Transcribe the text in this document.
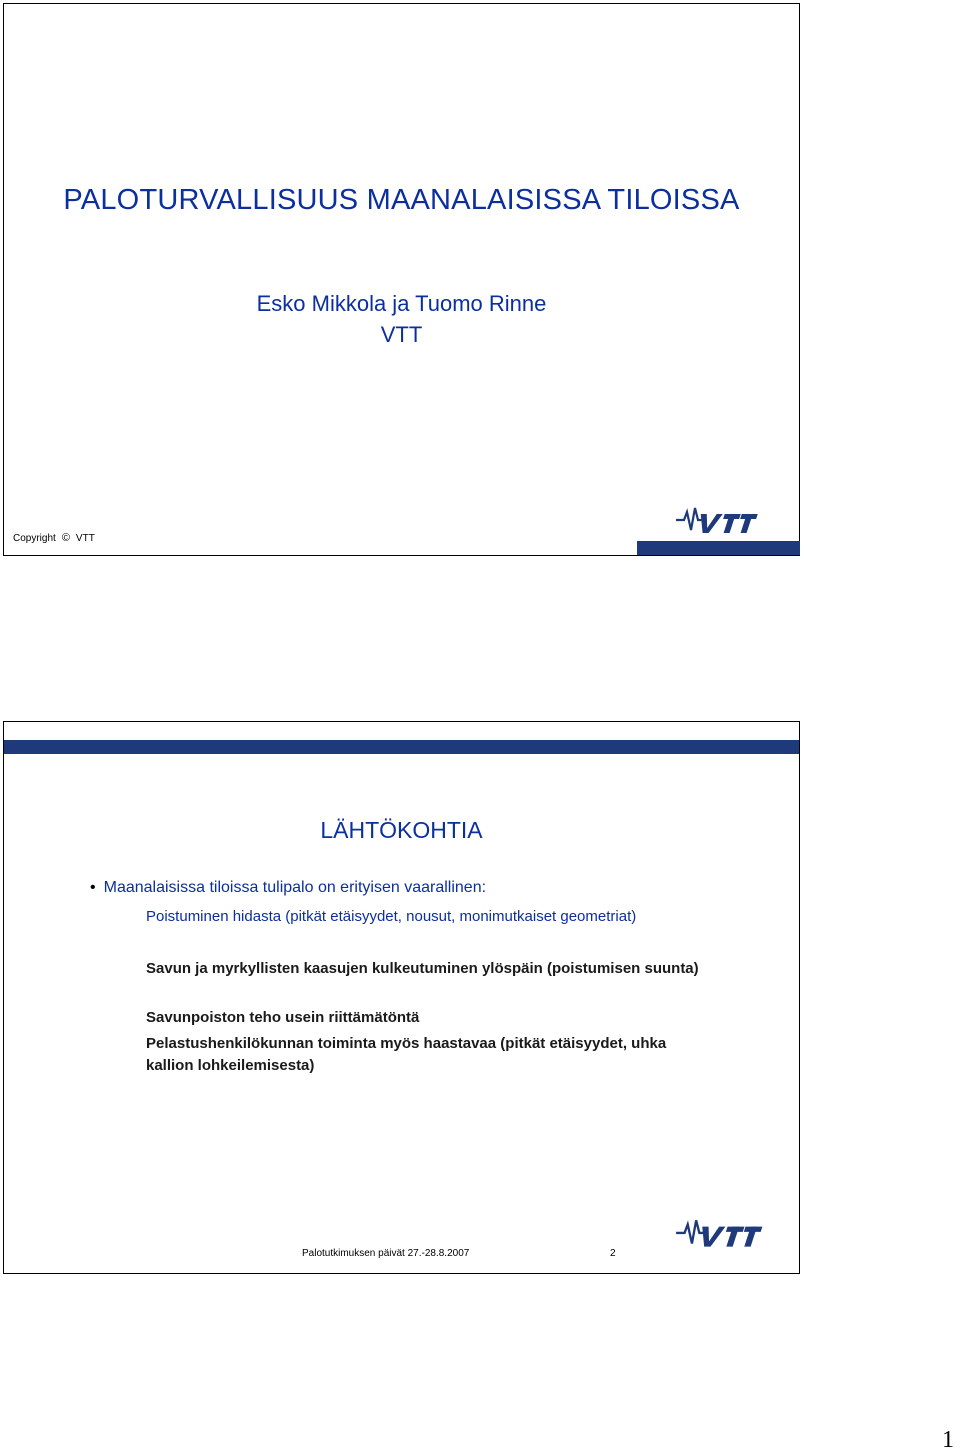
PALOTURVALLISUUS MAANALAISISSA TILOISSA
Esko Mikkola ja Tuomo Rinne
VTT
Copyright © VTT
LÄHTÖKOHTIA
• Maanalaisissa tiloissa tulipalo on erityisen vaarallinen:
Poistuminen hidasta (pitkät etäisyydet, nousut, monimutkaiset geometriat)
Savun ja myrkyllisten kaasujen kulkeutuminen ylöspäin (poistumisen suunta)
Savunpoiston teho usein riittämätöntä
Pelastushenkilökunnan toiminta myös haastavaa (pitkät etäisyydet, uhka kallion lohkeilemisesta)
Palotutkimuksen päivät 27.-28.8.2007	2
1
